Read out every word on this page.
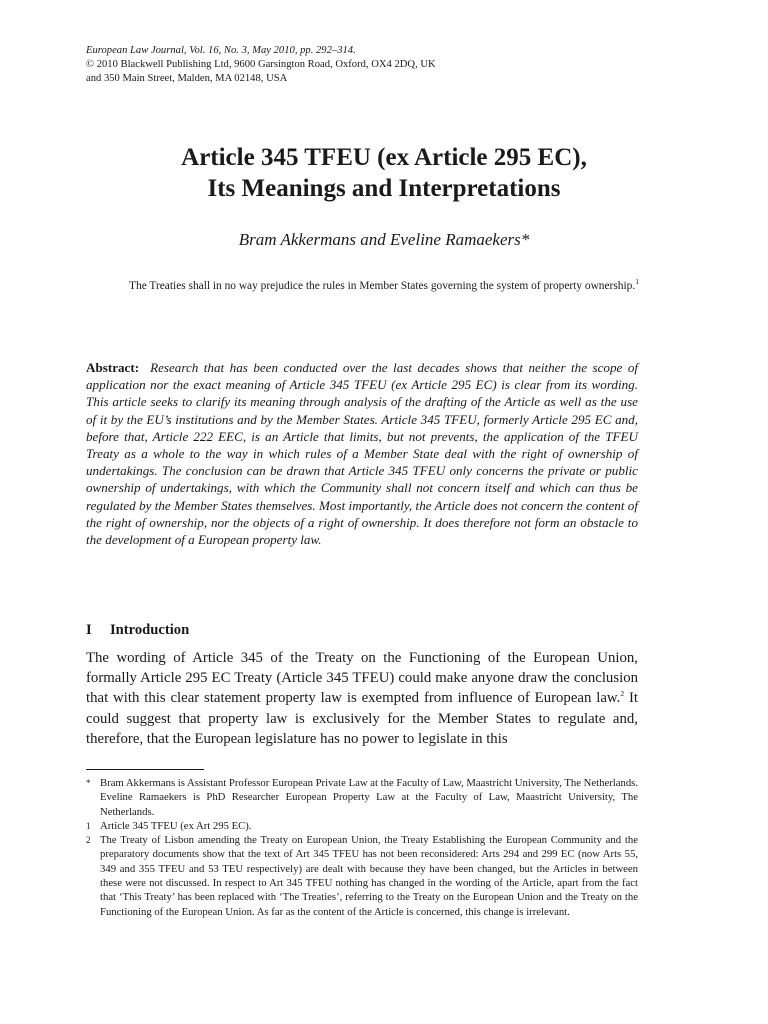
European Law Journal, Vol. 16, No. 3, May 2010, pp. 292–314.
© 2010 Blackwell Publishing Ltd, 9600 Garsington Road, Oxford, OX4 2DQ, UK
and 350 Main Street, Malden, MA 02148, USA
Article 345 TFEU (ex Article 295 EC),
Its Meanings and Interpretations
Bram Akkermans and Eveline Ramaekers*
The Treaties shall in no way prejudice the rules in Member States governing the system of property ownership.$^1$
Abstract: Research that has been conducted over the last decades shows that neither the scope of application nor the exact meaning of Article 345 TFEU (ex Article 295 EC) is clear from its wording. This article seeks to clarify its meaning through analysis of the drafting of the Article as well as the use of it by the EU’s institutions and by the Member States. Article 345 TFEU, formerly Article 295 EC and, before that, Article 222 EEC, is an Article that limits, but not prevents, the application of the TFEU Treaty as a whole to the way in which rules of a Member State deal with the right of ownership of undertakings. The conclusion can be drawn that Article 345 TFEU only concerns the private or public ownership of undertakings, with which the Community shall not concern itself and which can thus be regulated by the Member States themselves. Most importantly, the Article does not concern the content of the right of ownership, nor the objects of a right of ownership. It does therefore not form an obstacle to the development of a European property law.
I Introduction
The wording of Article 345 of the Treaty on the Functioning of the European Union, formally Article 295 EC Treaty (Article 345 TFEU) could make anyone draw the conclusion that with this clear statement property law is exempted from influence of European law.$^2$ It could suggest that property law is exclusively for the Member States to regulate and, therefore, that the European legislature has no power to legislate in this
* Bram Akkermans is Assistant Professor European Private Law at the Faculty of Law, Maastricht University, The Netherlands. Eveline Ramaekers is PhD Researcher European Property Law at the Faculty of Law, Maastricht University, The Netherlands.
1 Article 345 TFEU (ex Art 295 EC).
2 The Treaty of Lisbon amending the Treaty on European Union, the Treaty Establishing the European Community and the preparatory documents show that the text of Art 345 TFEU has not been reconsidered: Arts 294 and 299 EC (now Arts 55, 349 and 355 TFEU and 53 TEU respectively) are dealt with because they have been changed, but the Articles in between these were not discussed. In respect to Art 345 TFEU nothing has changed in the wording of the Article, apart from the fact that ‘This Treaty’ has been replaced with ‘The Treaties’, referring to the Treaty on the European Union and the Treaty on the Functioning of the European Union. As far as the content of the Article is concerned, this change is irrelevant.
